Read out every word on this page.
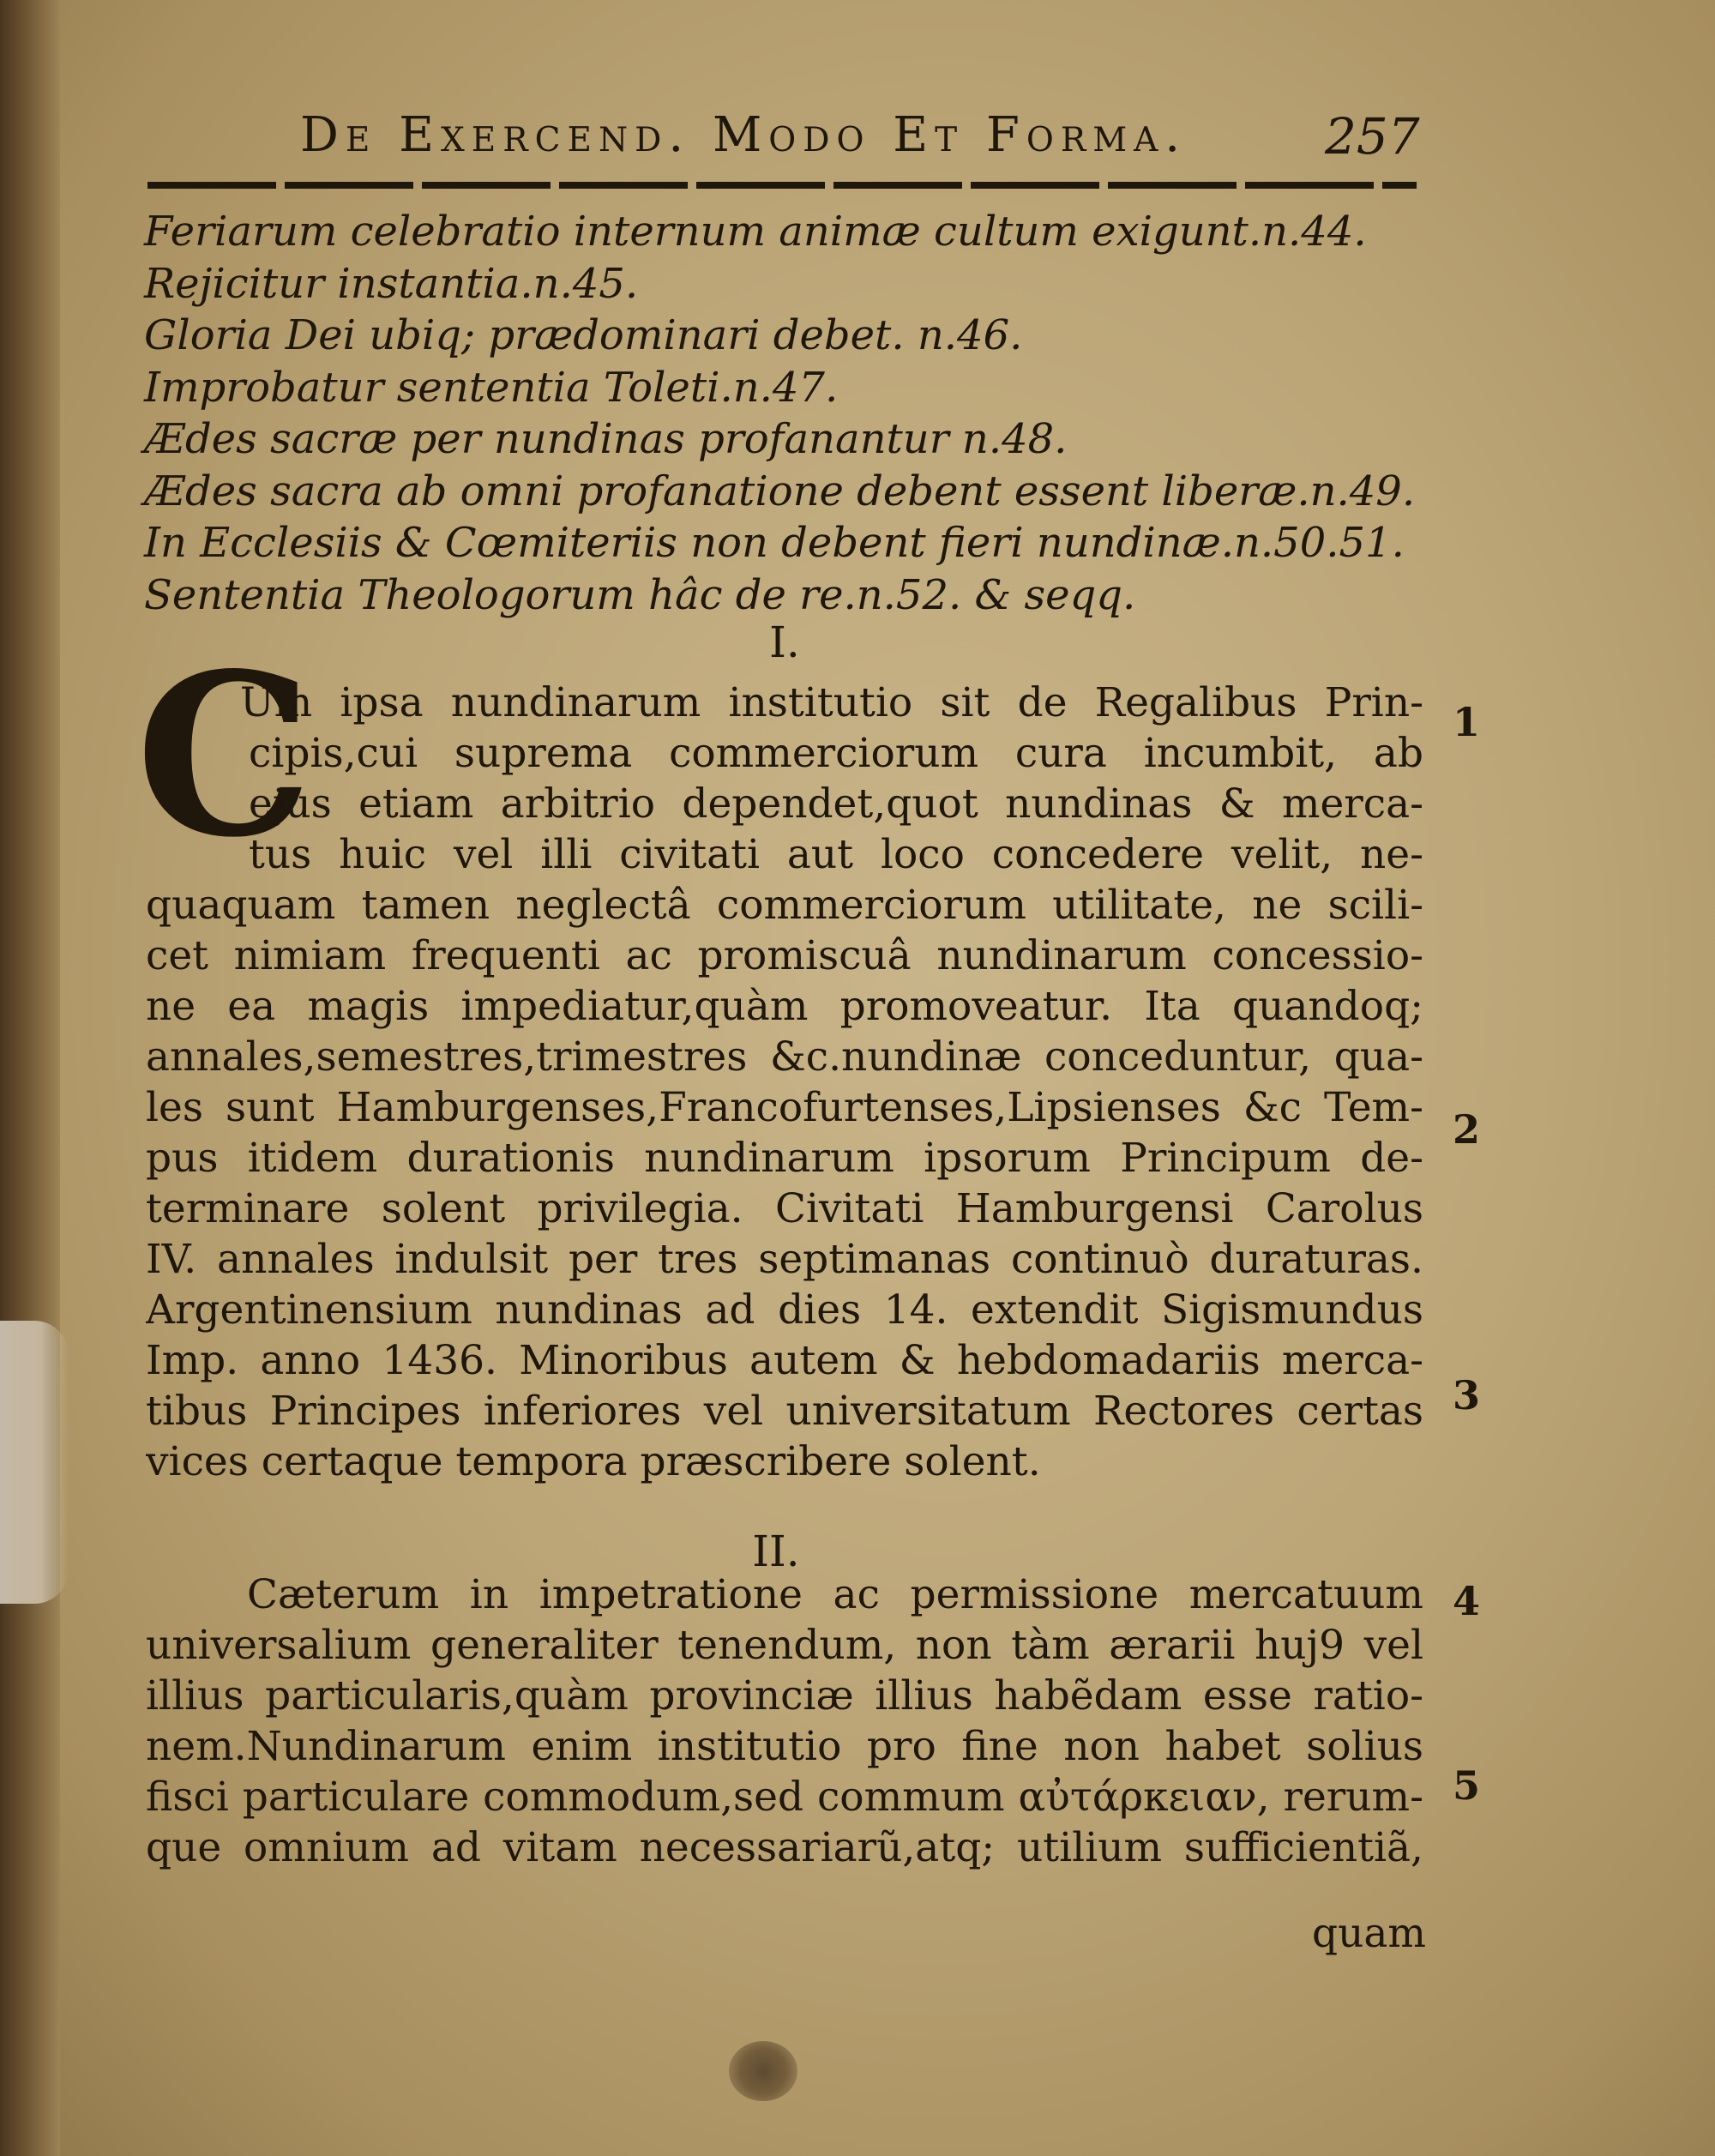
De Exercend. Modo Et Forma.	257
Feriarum celebratio internum animæ cultum exigunt.n.44.
Rejicitur instantia.n.45.
Gloria Dei ubiq; prædominari debet. n.46.
Improbatur sententia Toleti.n.47.
Ædes sacræ per nundinas profanantur n.48.
Ædes sacra ab omni profanatione debent essent liberæ.n.49.
In Ecclesiis & Cœmiteriis non debent fieri nundinæ.n.50.51.
Sententia Theologorum hâc de re.n.52. & seqq.
I.
C
Um ipsa nundinarum institutio sit de Regalibus Prin-
cipis,cui suprema commerciorum cura incumbit, ab
ejus etiam arbitrio dependet,quot nundinas & merca-
tus huic vel illi civitati aut loco concedere velit, ne-
quaquam tamen neglectâ commerciorum utilitate, ne scili-
cet nimiam frequenti ac promiscuâ nundinarum concessio-
ne ea magis impediatur,quàm promoveatur. Ita quandoq;
annales,semestres,trimestres &c.nundinæ conceduntur, qua-
les sunt Hamburgenses,Francofurtenses,Lipsienses &c Tem-
pus itidem durationis nundinarum ipsorum Principum de-
terminare solent privilegia. Civitati Hamburgensi Carolus
IV. annales indulsit per tres septimanas continuò duraturas.
Argentinensium nundinas ad dies 14. extendit Sigismundus
Imp. anno 1436. Minoribus autem & hebdomadariis merca-
tibus Principes inferiores vel universitatum Rectores certas
vices certaque tempora præscribere solent.
II.
Cæterum in impetratione ac permissione mercatuum
universalium generaliter tenendum, non tàm ærarii huj9 vel
illius particularis,quàm provinciæ illius habẽdam esse ratio-
nem.Nundinarum enim institutio pro fine non habet solius
fisci particulare commodum,sed commum αὐτάρκειαν, rerum-
que omnium ad vitam necessariarũ,atq; utilium sufficientiã,
quam
1
2
3
4
5
